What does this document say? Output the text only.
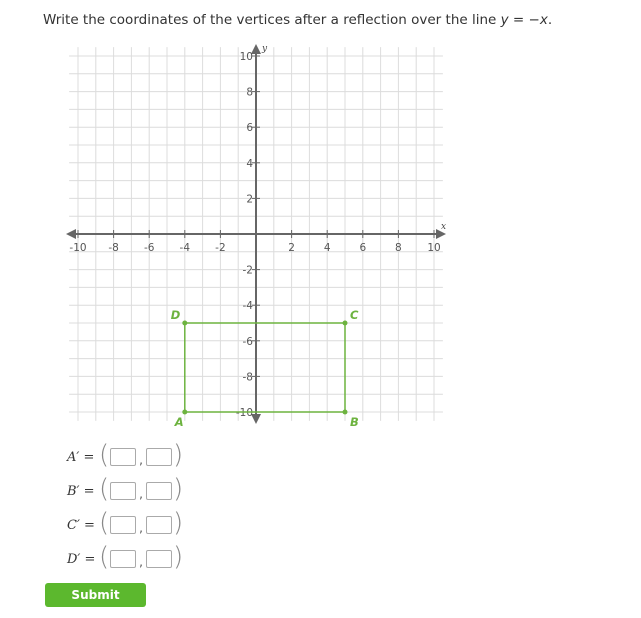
Write the coordinates of the vertices after a reflection over the line y = −x.
x
y
-10 -8 -6 -4 -2	2	4	6	8 10
10
8
6
4
2
-2
-4
-6
-8
-10
A	B
C
D
A′ = (	, )
B′ = (	, )
C′ = (	, )
D′ = (	, )
Submit
